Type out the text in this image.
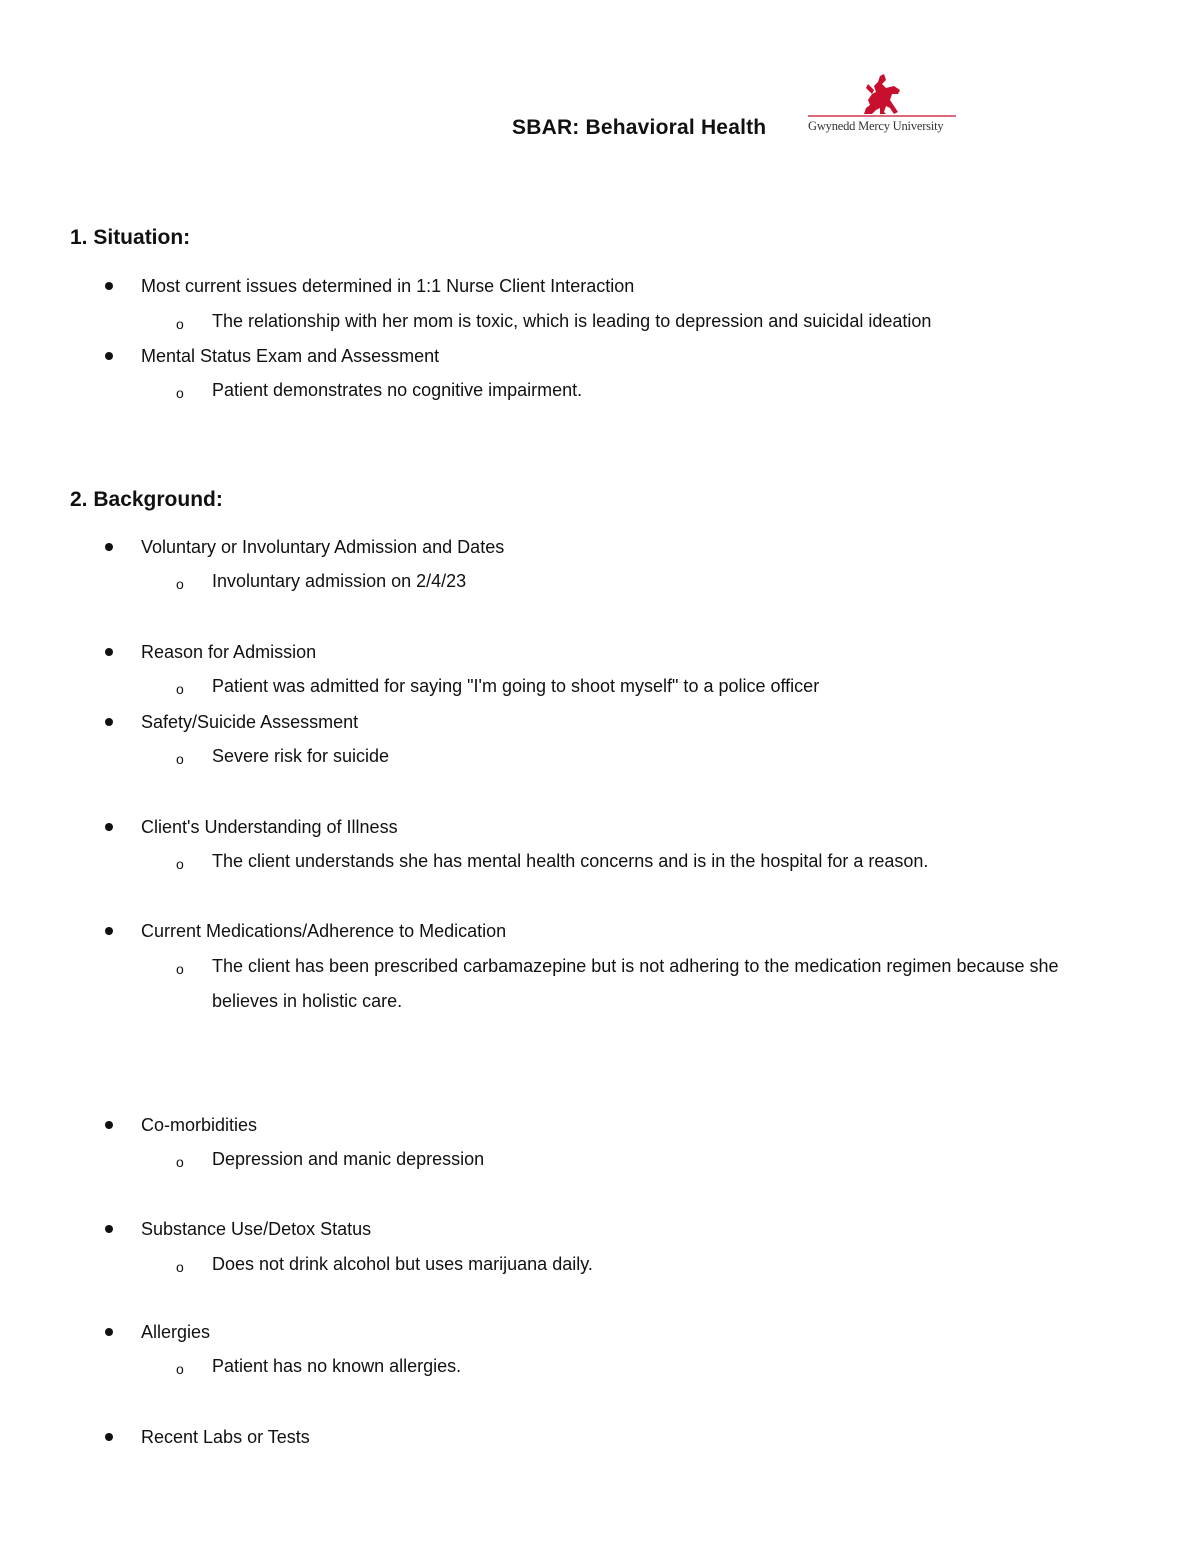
SBAR: Behavioral Health	Gwynedd Mercy University
1. Situation:
Most current issues determined in 1:1 Nurse Client Interaction
o The relationship with her mom is toxic, which is leading to depression and suicidal ideation
Mental Status Exam and Assessment
o Patient demonstrates no cognitive impairment.
2. Background:
Voluntary or Involuntary Admission and Dates
o Involuntary admission on 2/4/23
Reason for Admission
o Patient was admitted for saying "I'm going to shoot myself" to a police officer
Safety/Suicide Assessment
o Severe risk for suicide
Client's Understanding of Illness
o The client understands she has mental health concerns and is in the hospital for a reason.
Current Medications/Adherence to Medication
o The client has been prescribed carbamazepine but is not adhering to the medication regimen because she believes in holistic care.
Co-morbidities
o Depression and manic depression
Substance Use/Detox Status
o Does not drink alcohol but uses marijuana daily.
Allergies
o Patient has no known allergies.
Recent Labs or Tests
